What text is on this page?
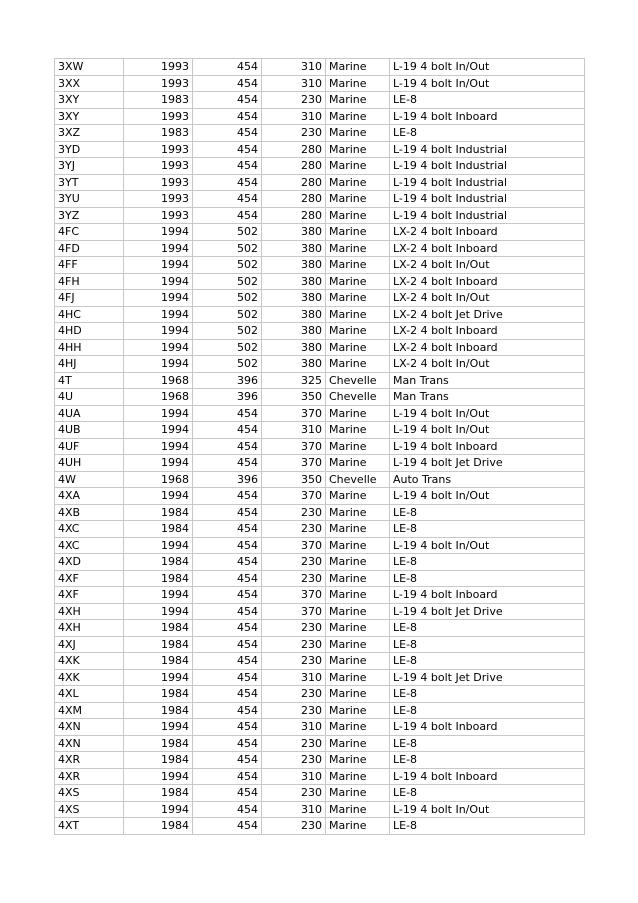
3XW	1993	454	310	Marine	L-19 4 bolt In/Out
3XX	1993	454	310	Marine	L-19 4 bolt In/Out
3XY	1983	454	230	Marine	LE-8
3XY	1993	454	310	Marine	L-19 4 bolt Inboard
3XZ	1983	454	230	Marine	LE-8
3YD	1993	454	280	Marine	L-19 4 bolt Industrial
3YJ	1993	454	280	Marine	L-19 4 bolt Industrial
3YT	1993	454	280	Marine	L-19 4 bolt Industrial
3YU	1993	454	280	Marine	L-19 4 bolt Industrial
3YZ	1993	454	280	Marine	L-19 4 bolt Industrial
4FC	1994	502	380	Marine	LX-2 4 bolt Inboard
4FD	1994	502	380	Marine	LX-2 4 bolt Inboard
4FF	1994	502	380	Marine	LX-2 4 bolt In/Out
4FH	1994	502	380	Marine	LX-2 4 bolt Inboard
4FJ	1994	502	380	Marine	LX-2 4 bolt In/Out
4HC	1994	502	380	Marine	LX-2 4 bolt Jet Drive
4HD	1994	502	380	Marine	LX-2 4 bolt Inboard
4HH	1994	502	380	Marine	LX-2 4 bolt Inboard
4HJ	1994	502	380	Marine	LX-2 4 bolt In/Out
4T	1968	396	325	Chevelle	Man Trans
4U	1968	396	350	Chevelle	Man Trans
4UA	1994	454	370	Marine	L-19 4 bolt In/Out
4UB	1994	454	310	Marine	L-19 4 bolt In/Out
4UF	1994	454	370	Marine	L-19 4 bolt Inboard
4UH	1994	454	370	Marine	L-19 4 bolt Jet Drive
4W	1968	396	350	Chevelle	Auto Trans
4XA	1994	454	370	Marine	L-19 4 bolt In/Out
4XB	1984	454	230	Marine	LE-8
4XC	1984	454	230	Marine	LE-8
4XC	1994	454	370	Marine	L-19 4 bolt In/Out
4XD	1984	454	230	Marine	LE-8
4XF	1984	454	230	Marine	LE-8
4XF	1994	454	370	Marine	L-19 4 bolt Inboard
4XH	1994	454	370	Marine	L-19 4 bolt Jet Drive
4XH	1984	454	230	Marine	LE-8
4XJ	1984	454	230	Marine	LE-8
4XK	1984	454	230	Marine	LE-8
4XK	1994	454	310	Marine	L-19 4 bolt Jet Drive
4XL	1984	454	230	Marine	LE-8
4XM	1984	454	230	Marine	LE-8
4XN	1994	454	310	Marine	L-19 4 bolt Inboard
4XN	1984	454	230	Marine	LE-8
4XR	1984	454	230	Marine	LE-8
4XR	1994	454	310	Marine	L-19 4 bolt Inboard
4XS	1984	454	230	Marine	LE-8
4XS	1994	454	310	Marine	L-19 4 bolt In/Out
4XT	1984	454	230	Marine	LE-8
